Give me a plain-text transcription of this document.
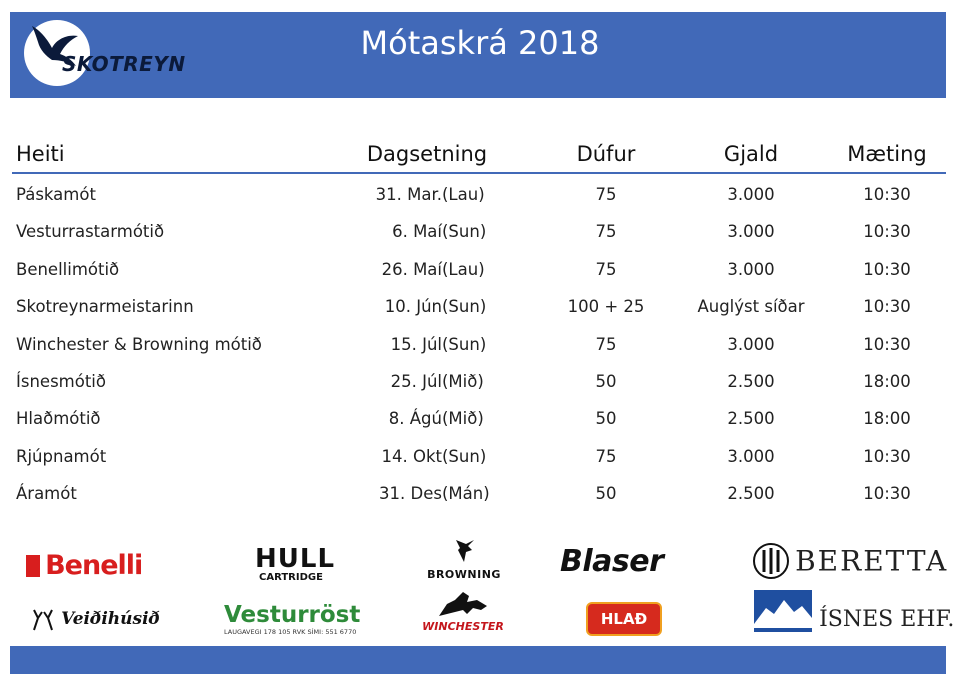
SKOTREYN
Mótaskrá 2018
Heiti	Dagsetning	Dúfur	Gjald	Mæting
Páskamót	31. Mar. (Lau)	75	3.000	10:30
Vesturrastarmótið	6. Maí (Sun)	75	3.000	10:30
Benellimótið	26. Maí (Lau)	75	3.000	10:30
Skotreynarmeistarinn	10. Jún (Sun)	100 + 25	Auglýst síðar	10:30
Winchester & Browning mótið	15. Júl (Sun)	75	3.000	10:30
Ísnesmótið	25. Júl (Mið)	50	2.500	18:00
Hlaðmótið	8. Ágú (Mið)	50	2.500	18:00
Rjúpnamót	14. Okt (Sun)	75	3.000	10:30
Áramót	31. Des (Mán)	50	2.500	10:30
Benelli	HULL
CARTRIDGE	BROWNING Blaser	BERETTA
Veiðihúsið	Vesturröst
LAUGAVEGI 178 105 RVK SÍMI: 551 6770	WINCHESTER	HLAÐ	ÍSNES EHF.
